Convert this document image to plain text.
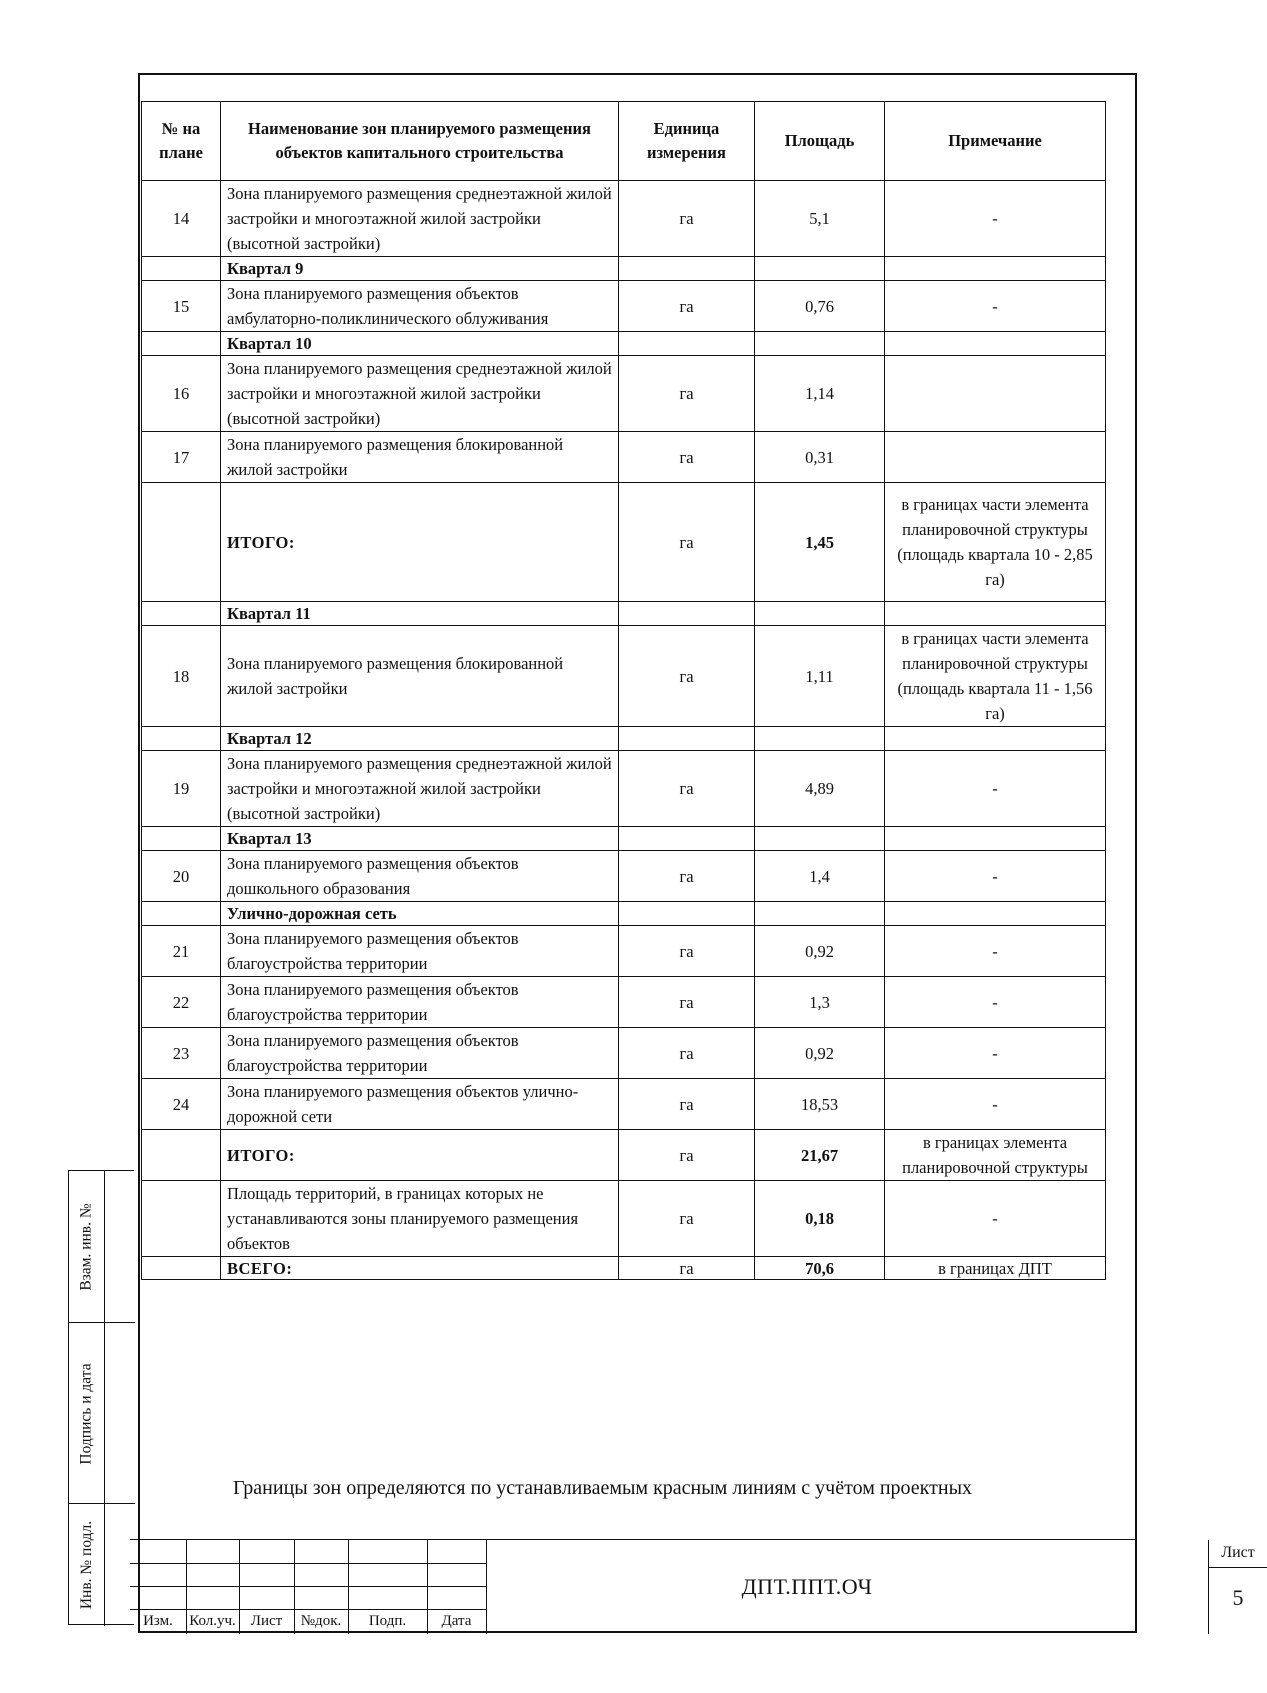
№ на плане	Наименование зон планируемого размещения объектов капитального строительства	Единица измерения	Площадь	Примечание
14	Зона планируемого размещения среднеэтажной жилой застройки и многоэтажной жилой застройки (высотной застройки)	га	5,1	-
	Квартал 9			
15	Зона планируемого размещения объектов амбулаторно-поликлинического облуживания	га	0,76	-
	Квартал 10			
16	Зона планируемого размещения среднеэтажной жилой застройки и многоэтажной жилой застройки (высотной застройки)	га	1,14	
17	Зона планируемого размещения блокированной жилой застройки	га	0,31	
	ИТОГО:	га	1,45	в границах части элемента планировочной структуры (площадь квартала 10 - 2,85 га)
	Квартал 11			
18	Зона планируемого размещения блокированной жилой застройки	га	1,11	в границах части элемента планировочной структуры (площадь квартала 11 - 1,56 га)
	Квартал 12			
19	Зона планируемого размещения среднеэтажной жилой застройки и многоэтажной жилой застройки (высотной застройки)	га	4,89	-
	Квартал 13			
20	Зона планируемого размещения объектов дошкольного образования	га	1,4	-
	Улично-дорожная сеть			
21	Зона планируемого размещения объектов благоустройства территории	га	0,92	-
22	Зона планируемого размещения объектов благоустройства территории	га	1,3	-
23	Зона планируемого размещения объектов благоустройства территории	га	0,92	-
24	Зона планируемого размещения объектов улично-дорожной сети	га	18,53	-
	ИТОГО:	га	21,67	в границах элемента планировочной структуры
	Площадь территорий, в границах которых не устанавливаются зоны планируемого размещения объектов	га	0,18	-
	ВСЕГО:	га	70,6	в границах ДПТ
Границы зон определяются по устанавливаемым красным линиям с учётом проектных
Взам. инв. №
Подпись и дата
Инв. № подл.
Изм.	Кол.уч. Лист	№док.	Подп.	Дата
ДПТ.ППТ.ОЧ
Лист
5
